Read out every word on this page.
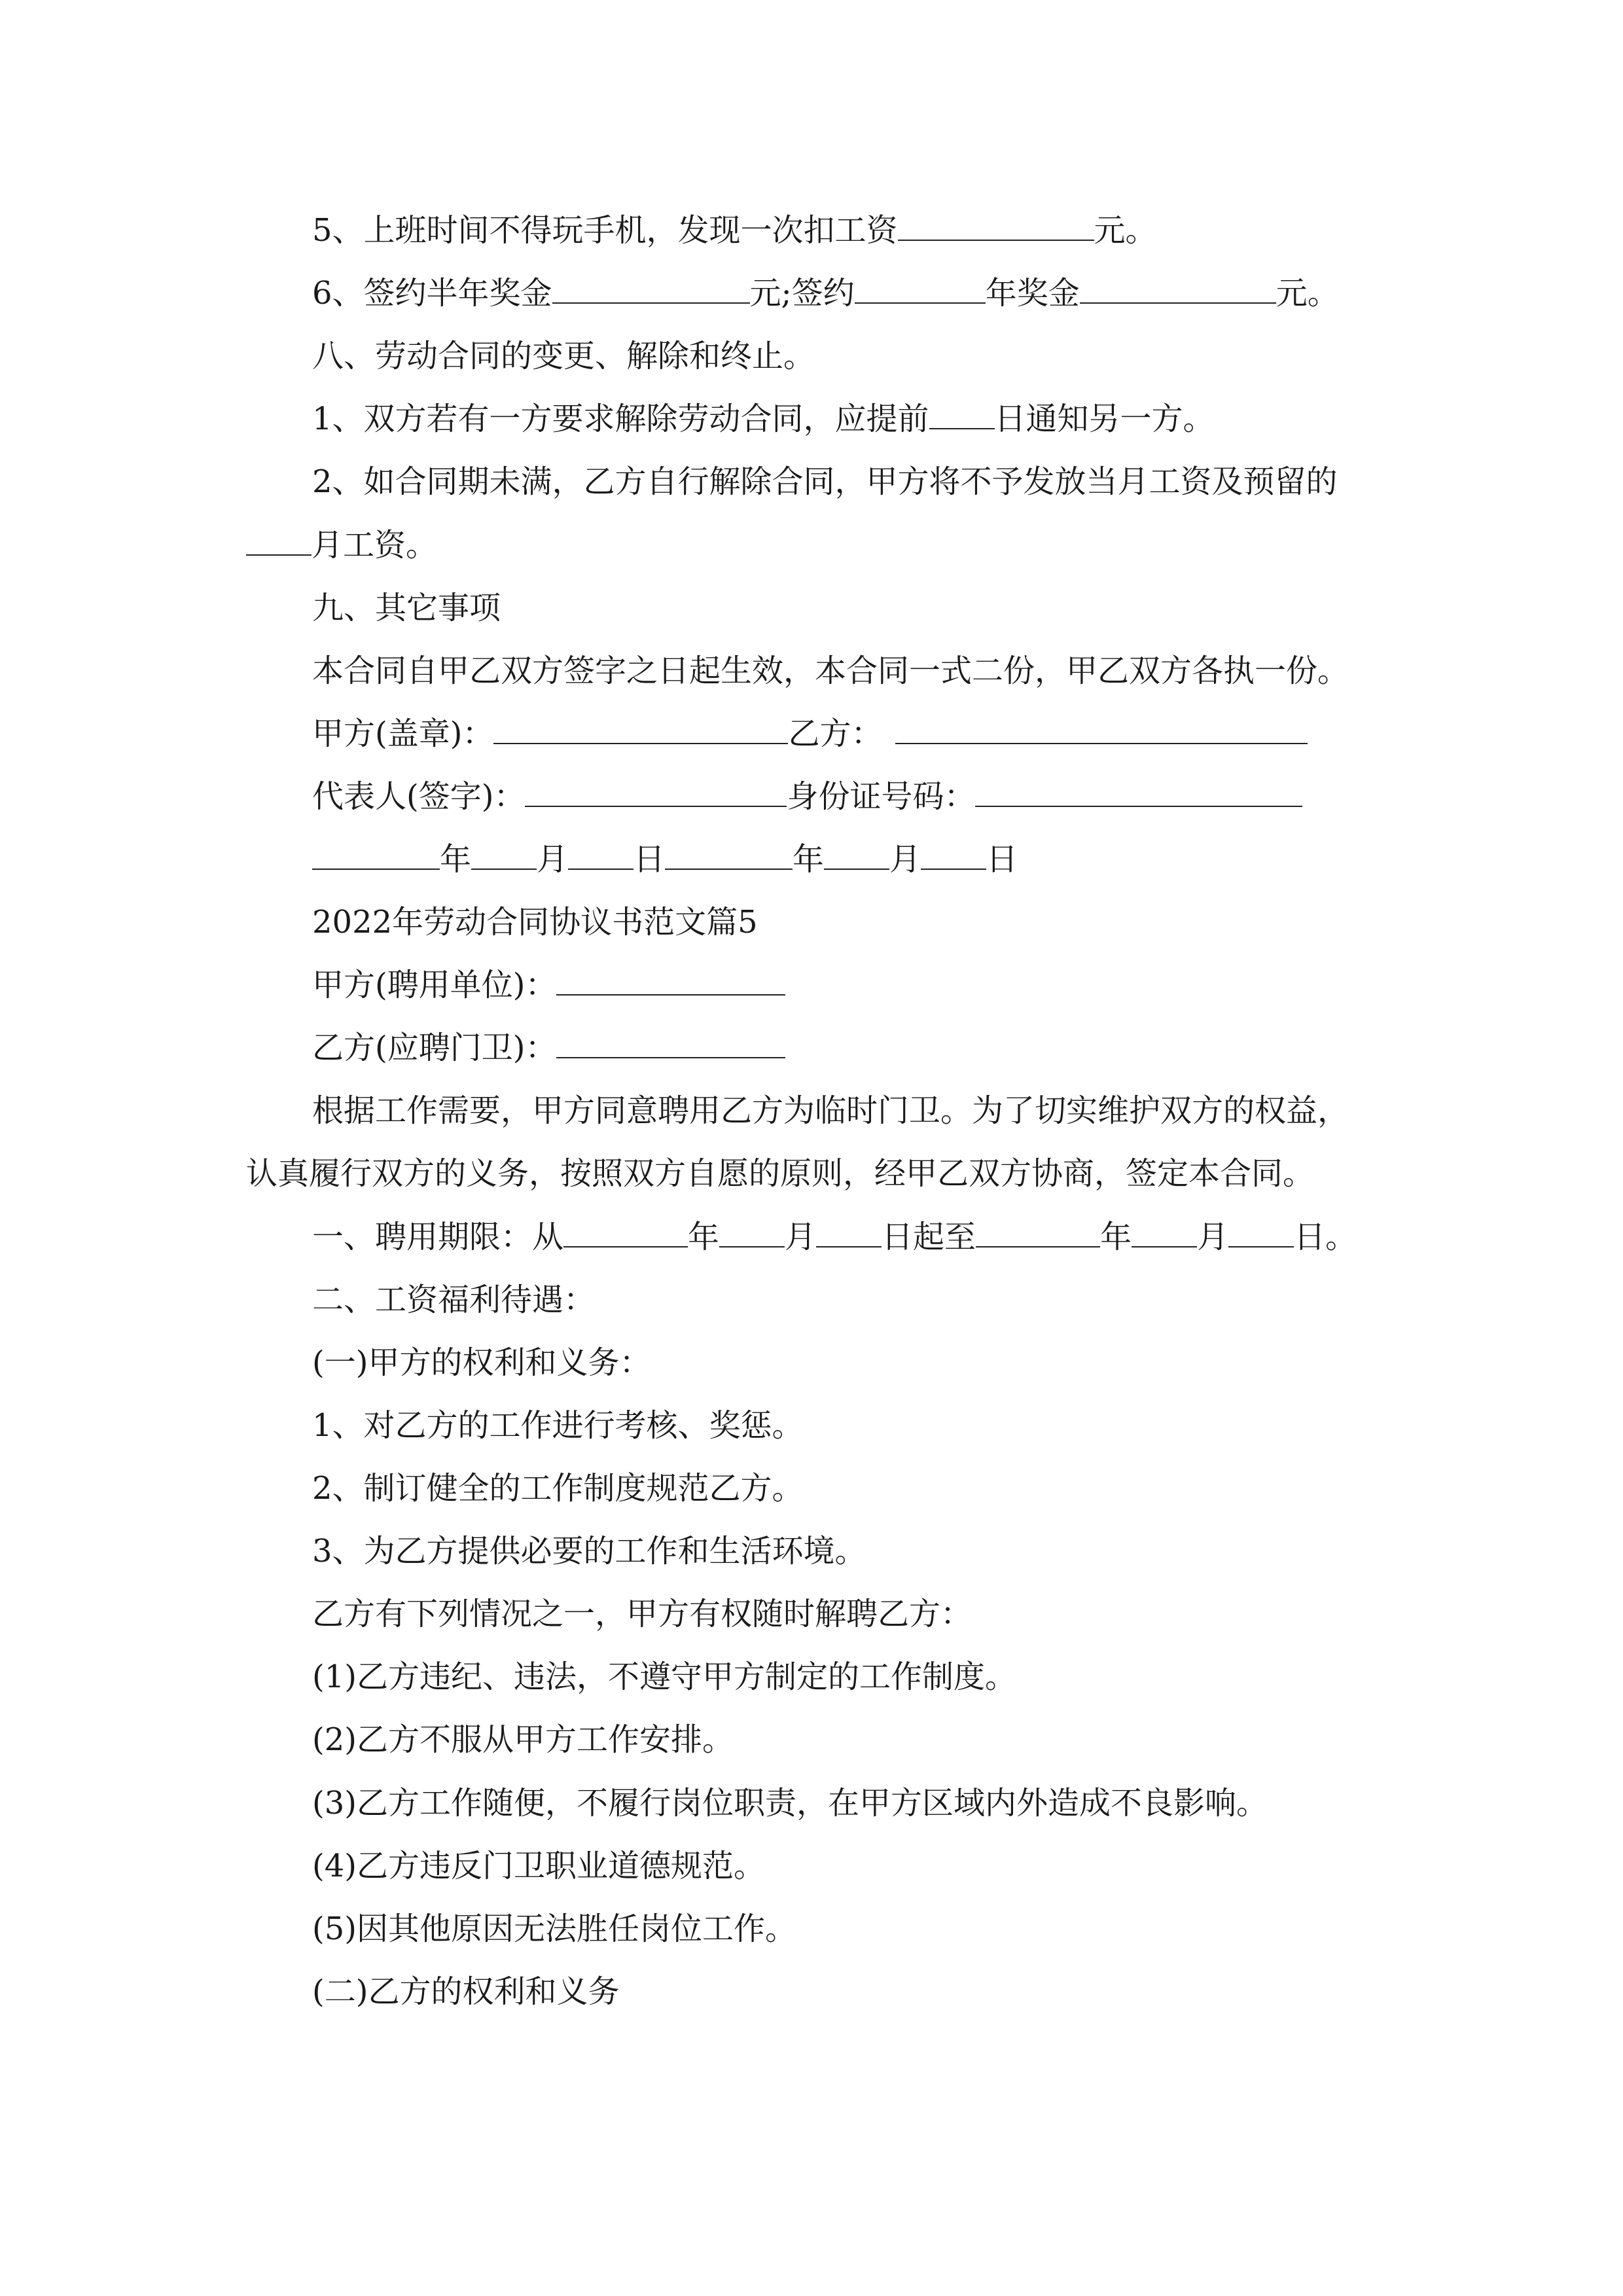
5、上班时间不得玩手机，发现一次扣工资	元。
6、签约半年奖金	元;签约	年奖金	元。
八、劳动合同的变更、解除和终止。
1、双方若有一方要求解除劳动合同，应提前 日通知另一方。
2、如合同期未满，乙方自行解除合同，甲方将不予发放当月工资及预留的
月工资。
九、其它事项
本合同自甲乙双方签字之日起生效，本合同一式二份，甲乙双方各执一份。
甲方(盖章)：	乙方：
代表人(签字)：	身份证号码：
年 月 日	年 月 日
2022年劳动合同协议书范文篇5
甲方(聘用单位)：
乙方(应聘门卫)：
根据工作需要，甲方同意聘用乙方为临时门卫。为了切实维护双方的权益，
认真履行双方的义务，按照双方自愿的原则，经甲乙双方协商，签定本合同。
一、聘用期限：从	年 月 日起至	年 月 日。
二、工资福利待遇：
(一)甲方的权利和义务：
1、对乙方的工作进行考核、奖惩。
2、制订健全的工作制度规范乙方。
3、为乙方提供必要的工作和生活环境。
乙方有下列情况之一，甲方有权随时解聘乙方：
(1)乙方违纪、违法，不遵守甲方制定的工作制度。
(2)乙方不服从甲方工作安排。
(3)乙方工作随便，不履行岗位职责，在甲方区域内外造成不良影响。
(4)乙方违反门卫职业道德规范。
(5)因其他原因无法胜任岗位工作。
(二)乙方的权利和义务
